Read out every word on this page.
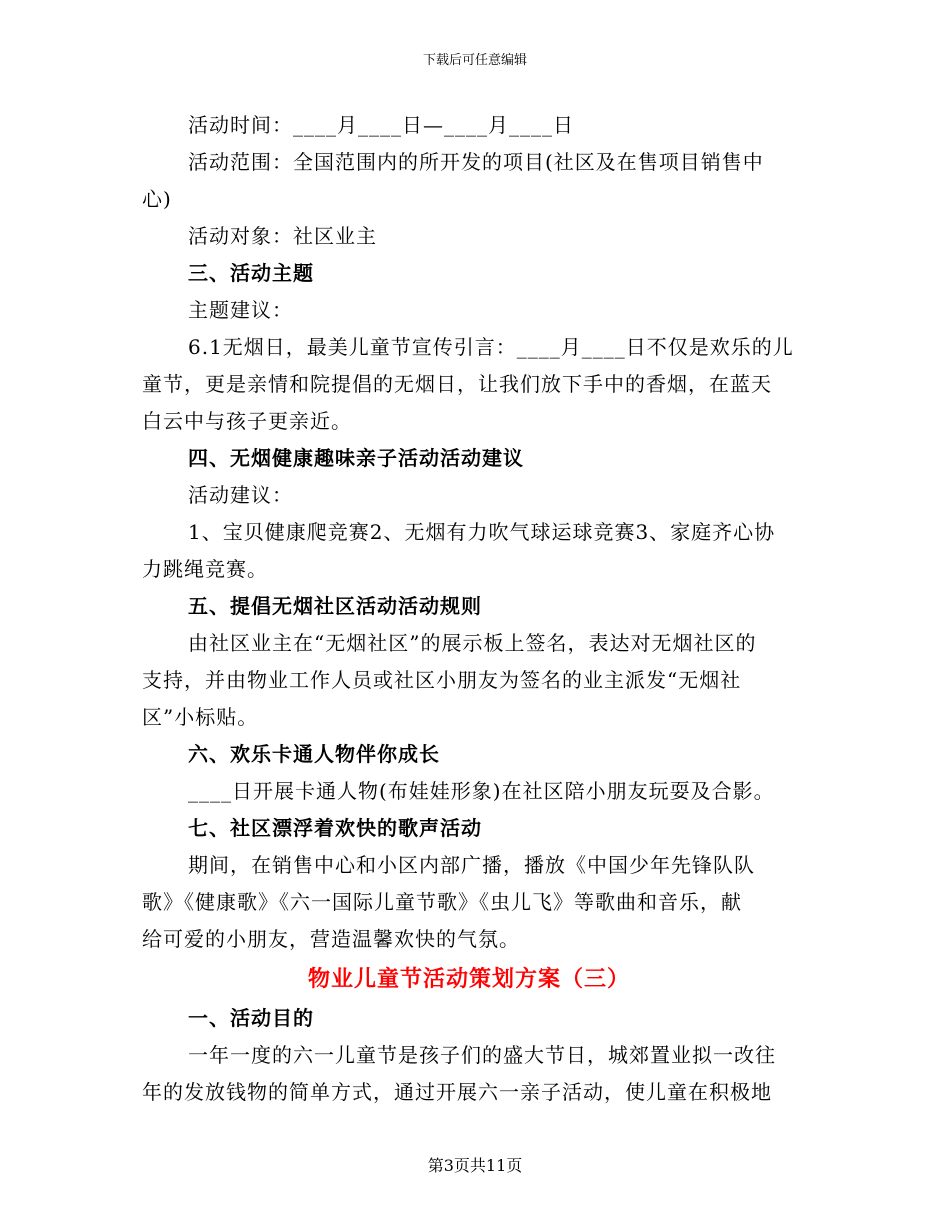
下载后可任意编辑
活动时间：____月____日—____月____日
活动范围：全国范围内的所开发的项目(社区及在售项目销售中
心)
活动对象：社区业主
三、活动主题
主题建议：
6.1无烟日，最美儿童节宣传引言：____月____日不仅是欢乐的儿
童节，更是亲情和院提倡的无烟日，让我们放下手中的香烟，在蓝天
白云中与孩子更亲近。
四、无烟健康趣味亲子活动活动建议
活动建议：
1、宝贝健康爬竞赛2、无烟有力吹气球运球竞赛3、家庭齐心协
力跳绳竞赛。
五、提倡无烟社区活动活动规则
由社区业主在“无烟社区”的展示板上签名，表达对无烟社区的
支持，并由物业工作人员或社区小朋友为签名的业主派发“无烟社
区”小标贴。
六、欢乐卡通人物伴你成长
____日开展卡通人物(布娃娃形象)在社区陪小朋友玩耍及合影。
七、社区漂浮着欢快的歌声活动
期间，在销售中心和小区内部广播，播放《中国少年先锋队队
歌》《健康歌》《六一国际儿童节歌》《虫儿飞》等歌曲和音乐，献
给可爱的小朋友，营造温馨欢快的气氛。
物业儿童节活动策划方案（三）
一、活动目的
一年一度的六一儿童节是孩子们的盛大节日，城郊置业拟一改往
年的发放钱物的简单方式，通过开展六一亲子活动，使儿童在积极地
第3页共11页
